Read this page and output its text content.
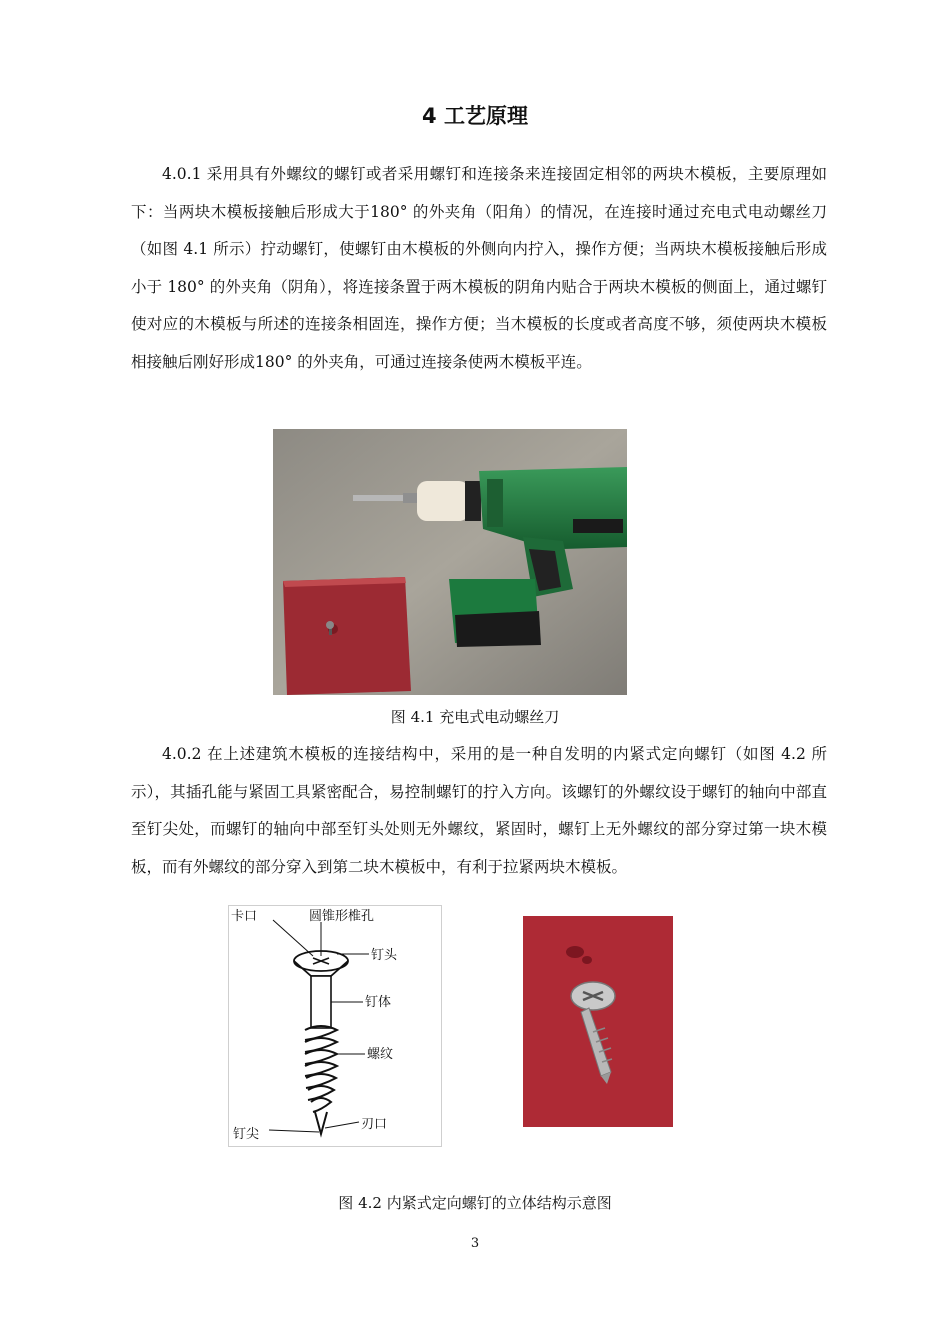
4 工艺原理

4.0.1 采用具有外螺纹的螺钉或者采用螺钉和连接条来连接固定相邻的两块木模板，主要原理如下：当两块木模板接触后形成大于180° 的外夹角（阳角）的情况，在连接时通过充电式电动螺丝刀（如图 4.1 所示）拧动螺钉，使螺钉由木模板的外侧向内拧入，操作方便；当两块木模板接触后形成小于 180° 的外夹角（阴角），将连接条置于两木模板的阴角内贴合于两块木模板的侧面上，通过螺钉使对应的木模板与所述的连接条相固连，操作方便；当木模板的长度或者高度不够，须使两块木模板相接触后刚好形成180° 的外夹角，可通过连接条使两木模板平连。

图 4.1 充电式电动螺丝刀

4.0.2 在上述建筑木模板的连接结构中，采用的是一种自发明的内紧式定向螺钉（如图 4.2 所示），其插孔能与紧固工具紧密配合，易控制螺钉的拧入方向。该螺钉的外螺纹设于螺钉的轴向中部直至钉尖处，而螺钉的轴向中部至钉头处则无外螺纹，紧固时，螺钉上无外螺纹的部分穿过第一块木模板，而有外螺纹的部分穿入到第二块木模板中，有利于拉紧两块木模板。

卡口	圆锥形椎孔
钉头
钉体
螺纹
钉尖
刃口
图 4.2 内紧式定向螺钉的立体结构示意图
3
